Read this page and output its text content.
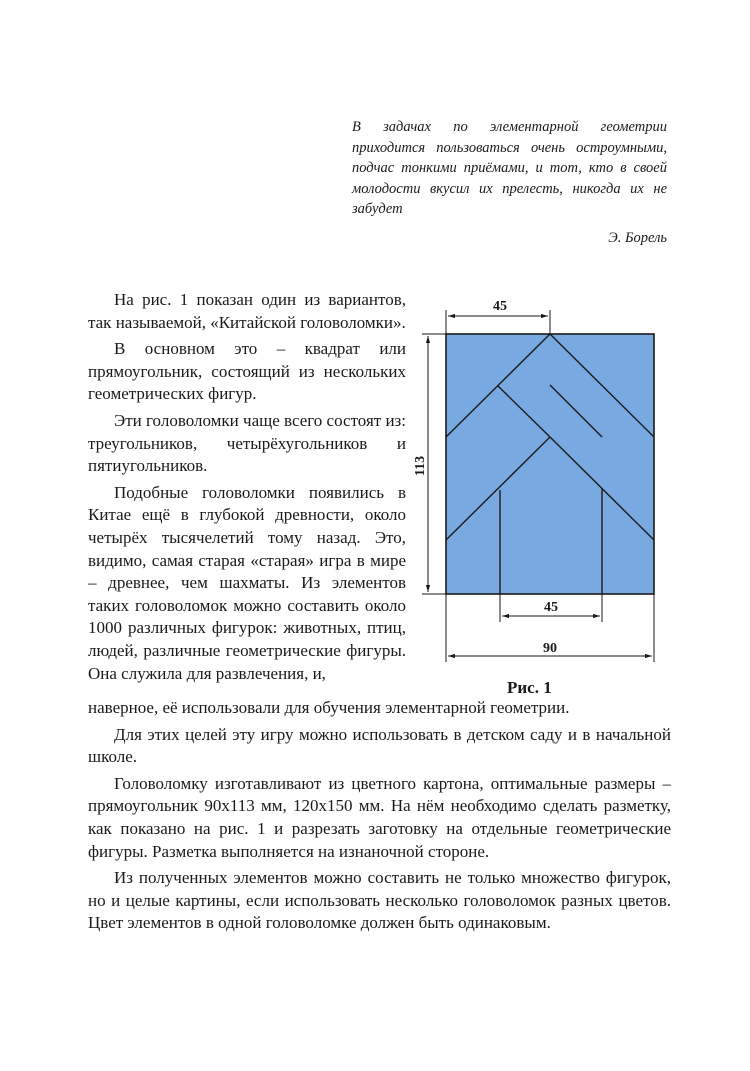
В задачах по элементарной геометрии приходится пользоваться очень остроумными, подчас тонкими приёмами, и тот, кто в своей молодости вкусил их прелесть, никогда их не забудет

Э. Борель

На рис. 1 показан один из вариантов, так называемой, «Китайской головоломки».

В основном это – квадрат или прямоугольник, состоящий из нескольких геометрических фигур.

Эти головоломки чаще всего состоят из: треугольников, четырёхугольников и пятиугольников.

Подобные головоломки появились в Китае ещё в глубокой древности, около четырёх тысячелетий тому назад. Это, видимо, самая старая «старая» игра в мире – древнее, чем шахматы. Из элементов таких головоломок можно составить около 1000 различных фигурок: животных, птиц, людей, различные геометрические фигуры. Она служила для развлечения, и,

45
113
45
90
Рис. 1

наверное, её использовали для обучения элементарной геометрии.

Для этих целей эту игру можно использовать в детском саду и в начальной школе.

Головоломку изготавливают из цветного картона, оптимальные размеры – прямоугольник 90х113 мм, 120х150 мм. На нём необходимо сделать разметку, как показано на рис. 1 и разрезать заготовку на отдельные геометрические фигуры. Разметка выполняется на изнаночной стороне.

Из полученных элементов можно составить не только множество фигурок, но и целые картины, если использовать несколько головоломок разных цветов. Цвет элементов в одной головоломке должен быть одинаковым.
